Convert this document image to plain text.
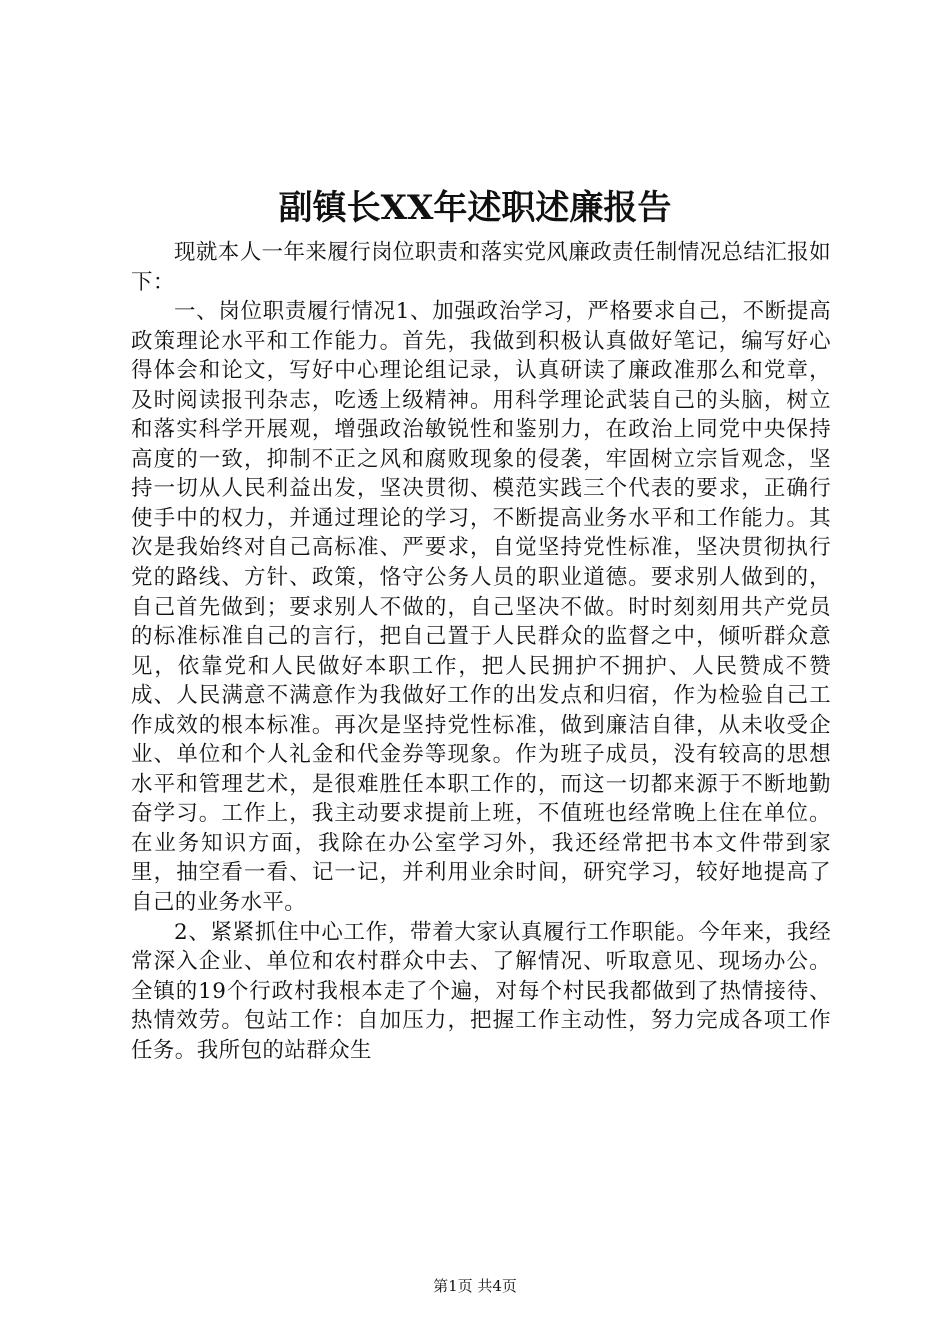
副镇长XX年述职述廉报告

现就本人一年来履行岗位职责和落实党风廉政责任制情况总结汇报如下：

一、岗位职责履行情况1、加强政治学习，严格要求自己，不断提高政策理论水平和工作能力。首先，我做到积极认真做好笔记，编写好心得体会和论文，写好中心理论组记录，认真研读了廉政准那么和党章，及时阅读报刊杂志，吃透上级精神。用科学理论武装自己的头脑，树立和落实科学开展观，增强政治敏锐性和鉴别力，在政治上同党中央保持高度的一致，抑制不正之风和腐败现象的侵袭，牢固树立宗旨观念，坚持一切从人民利益出发，坚决贯彻、模范实践三个代表的要求，正确行使手中的权力，并通过理论的学习，不断提高业务水平和工作能力。其次是我始终对自己高标准、严要求，自觉坚持党性标准，坚决贯彻执行党的路线、方针、政策，恪守公务人员的职业道德。要求别人做到的，自己首先做到；要求别人不做的，自己坚决不做。时时刻刻用共产党员的标准标准自己的言行，把自己置于人民群众的监督之中，倾听群众意见，依靠党和人民做好本职工作，把人民拥护不拥护、人民赞成不赞成、人民满意不满意作为我做好工作的出发点和归宿，作为检验自己工作成效的根本标准。再次是坚持党性标准，做到廉洁自律，从未收受企业、单位和个人礼金和代金券等现象。作为班子成员，没有较高的思想水平和管理艺术，是很难胜任本职工作的，而这一切都来源于不断地勤奋学习。工作上，我主动要求提前上班，不值班也经常晚上住在单位。在业务知识方面，我除在办公室学习外，我还经常把书本文件带到家里，抽空看一看、记一记，并利用业余时间，研究学习，较好地提高了自己的业务水平。

2、紧紧抓住中心工作，带着大家认真履行工作职能。今年来，我经常深入企业、单位和农村群众中去、了解情况、听取意见、现场办公。全镇的19个行政村我根本走了个遍，对每个村民我都做到了热情接待、热情效劳。包站工作：自加压力，把握工作主动性，努力完成各项工作任务。我所包的站群众生

第1页 共4页
